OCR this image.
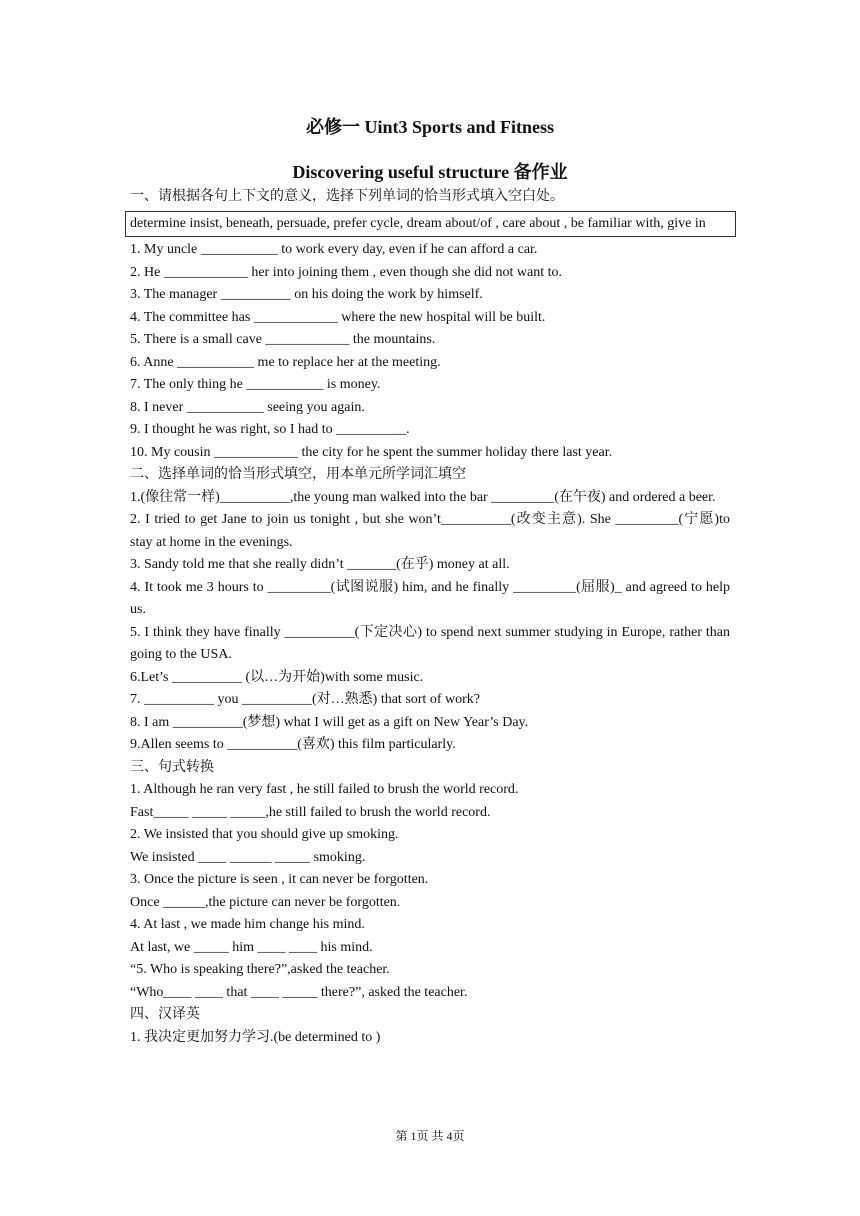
必修一 Uint3 Sports and Fitness
Discovering useful structure 备作业
一、请根据各句上下文的意义，选择下列单词的恰当形式填入空白处。
determine insist, beneath, persuade, prefer cycle, dream about/of , care about , be familiar with, give in
1. My uncle ___________ to work every day, even if he can afford a car.
2. He ____________ her into joining them , even though she did not want to.
3. The manager __________ on his doing the work by himself.
4. The committee has ____________ where the new hospital will be built.
5. There is a small cave ____________ the mountains.
6. Anne ___________ me to replace her at the meeting.
7. The only thing he ___________ is money.
8. I never ___________ seeing you again.
9. I thought he was right, so I had to __________.
10. My cousin ____________ the city for he spent the summer holiday there last year.
二、选择单词的恰当形式填空，用本单元所学词汇填空
1.(像往常一样)__________,the young man walked into the bar _________(在午夜) and ordered a beer.
2. I tried to get Jane to join us tonight , but she won’t__________(改变主意). She _________(宁愿)to stay at home in the evenings.
3. Sandy told me that she really didn’t _______(在乎) money at all.
4. It took me 3 hours to _________(试图说服) him, and he finally _________(屈服)_ and agreed to help us.
5. I think they have finally __________(下定决心) to spend next summer studying in Europe, rather than going to the USA.
6.Let’s __________ (以…为开始)with some music.
7. __________ you __________(对…熟悉) that sort of work?
8. I am __________(梦想) what I will get as a gift on New Year’s Day.
9.Allen seems to __________(喜欢) this film particularly.
三、句式转换
1. Although he ran very fast , he still failed to brush the world record.
Fast_____ _____ _____,he still failed to brush the world record.
2. We insisted that you should give up smoking.
We insisted ____ ______ _____ smoking.
3. Once the picture is seen , it can never be forgotten.
Once ______,the picture can never be forgotten.
4. At last , we made him change his mind.
At last, we _____ him ____ ____ his mind.
“5. Who is speaking there?”,asked the teacher.
“Who____ ____ that ____ _____ there?”, asked the teacher.
四、汉译英
1. 我决定更加努力学习.(be determined to )
第 1页 共 4页
